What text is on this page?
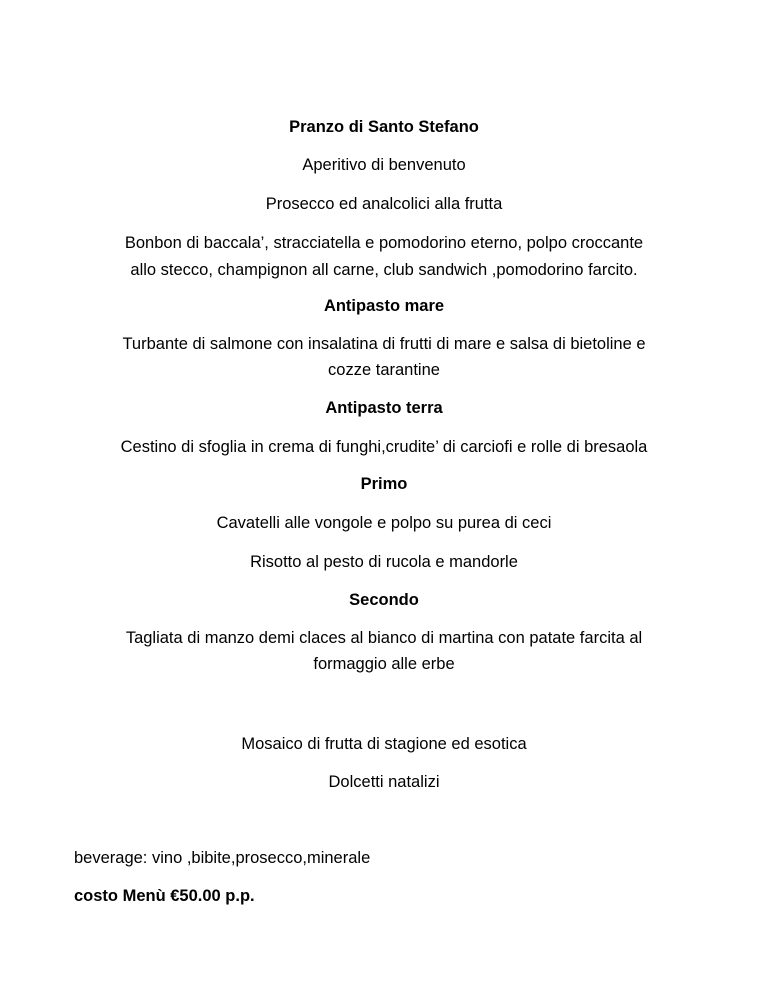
Pranzo di Santo Stefano
Aperitivo di benvenuto
Prosecco ed analcolici alla frutta
Bonbon di baccala’, stracciatella e pomodorino eterno, polpo croccante
allo stecco, champignon all carne, club sandwich ,pomodorino farcito.
Antipasto mare
Turbante di salmone con insalatina di frutti di mare e salsa di bietoline e
cozze tarantine
Antipasto terra
Cestino di sfoglia in crema di funghi,crudite’ di carciofi e rolle di bresaola
Primo
Cavatelli alle vongole e polpo su purea di ceci
Risotto al pesto di rucola e mandorle
Secondo
Tagliata di manzo demi claces al bianco di martina con patate farcita al
formaggio alle erbe
Mosaico di frutta di stagione ed esotica
Dolcetti natalizi
beverage: vino ,bibite,prosecco,minerale
costo Menù €50.00 p.p.
